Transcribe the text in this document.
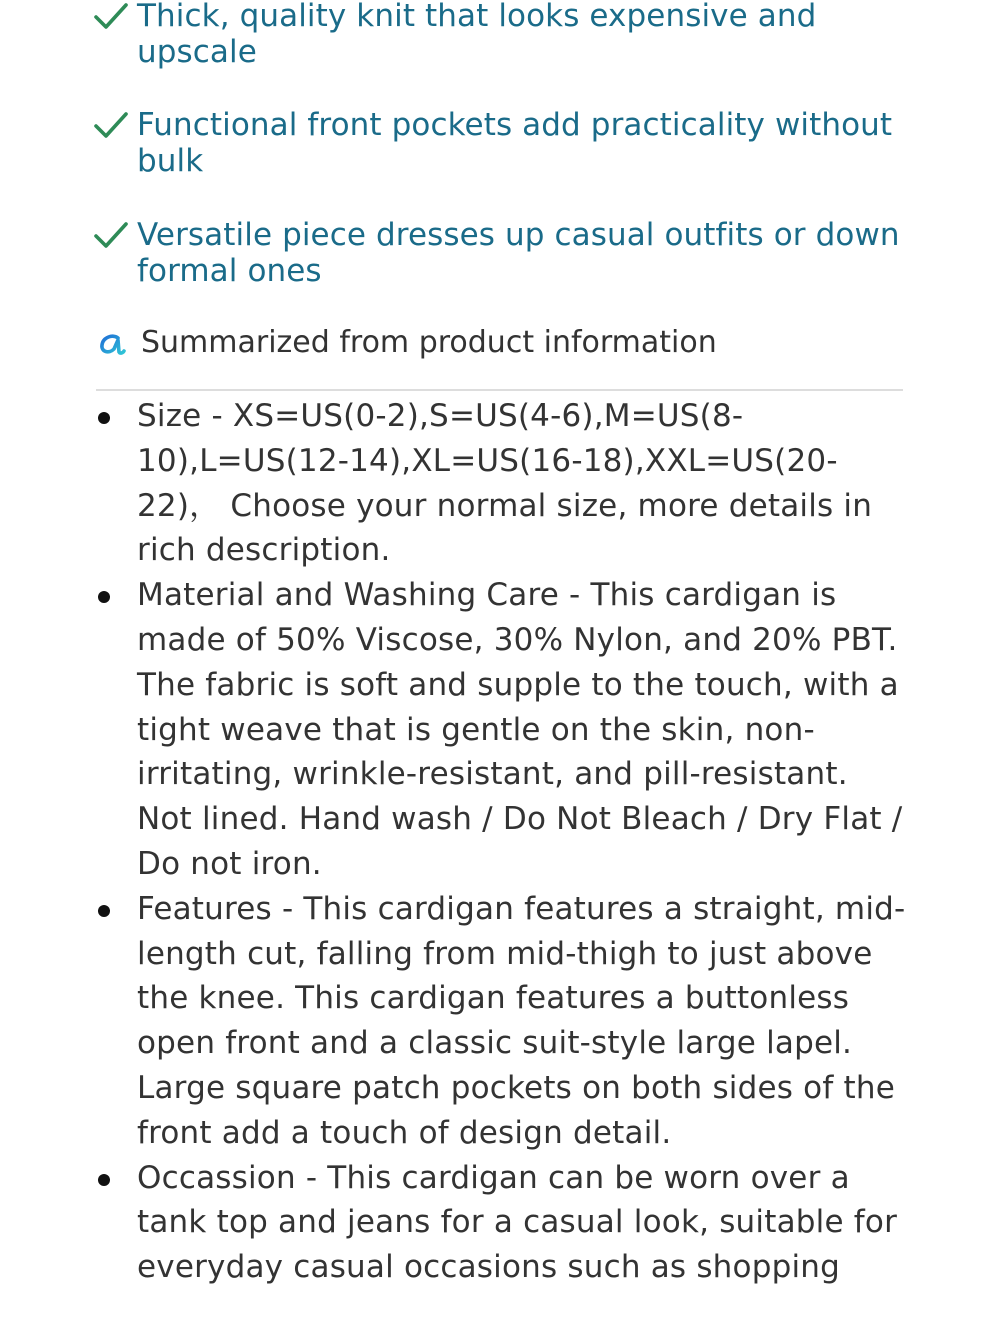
Thick, quality knit that looks expensive and upscale
Functional front pockets add practicality without bulk
Versatile piece dresses up casual outfits or down formal ones
Summarized from product information
Size - XS=US(0-2),S=US(4-6),M=US(8-10),L=US(12-14),XL=US(16-18),XXL=US(20-22)， Choose your normal size, more details in rich description.
Material and Washing Care - This cardigan is made of 50% Viscose, 30% Nylon, and 20% PBT. The fabric is soft and supple to the touch, with a tight weave that is gentle on the skin, non-irritating, wrinkle-resistant, and pill-resistant. Not lined. Hand wash / Do Not Bleach / Dry Flat / Do not iron.
Features - This cardigan features a straight, mid-length cut, falling from mid-thigh to just above the knee. This cardigan features a buttonless open front and a classic suit-style large lapel. Large square patch pockets on both sides of the front add a touch of design detail.
Occassion - This cardigan can be worn over a tank top and jeans for a casual look, suitable for everyday casual occasions such as shopping
